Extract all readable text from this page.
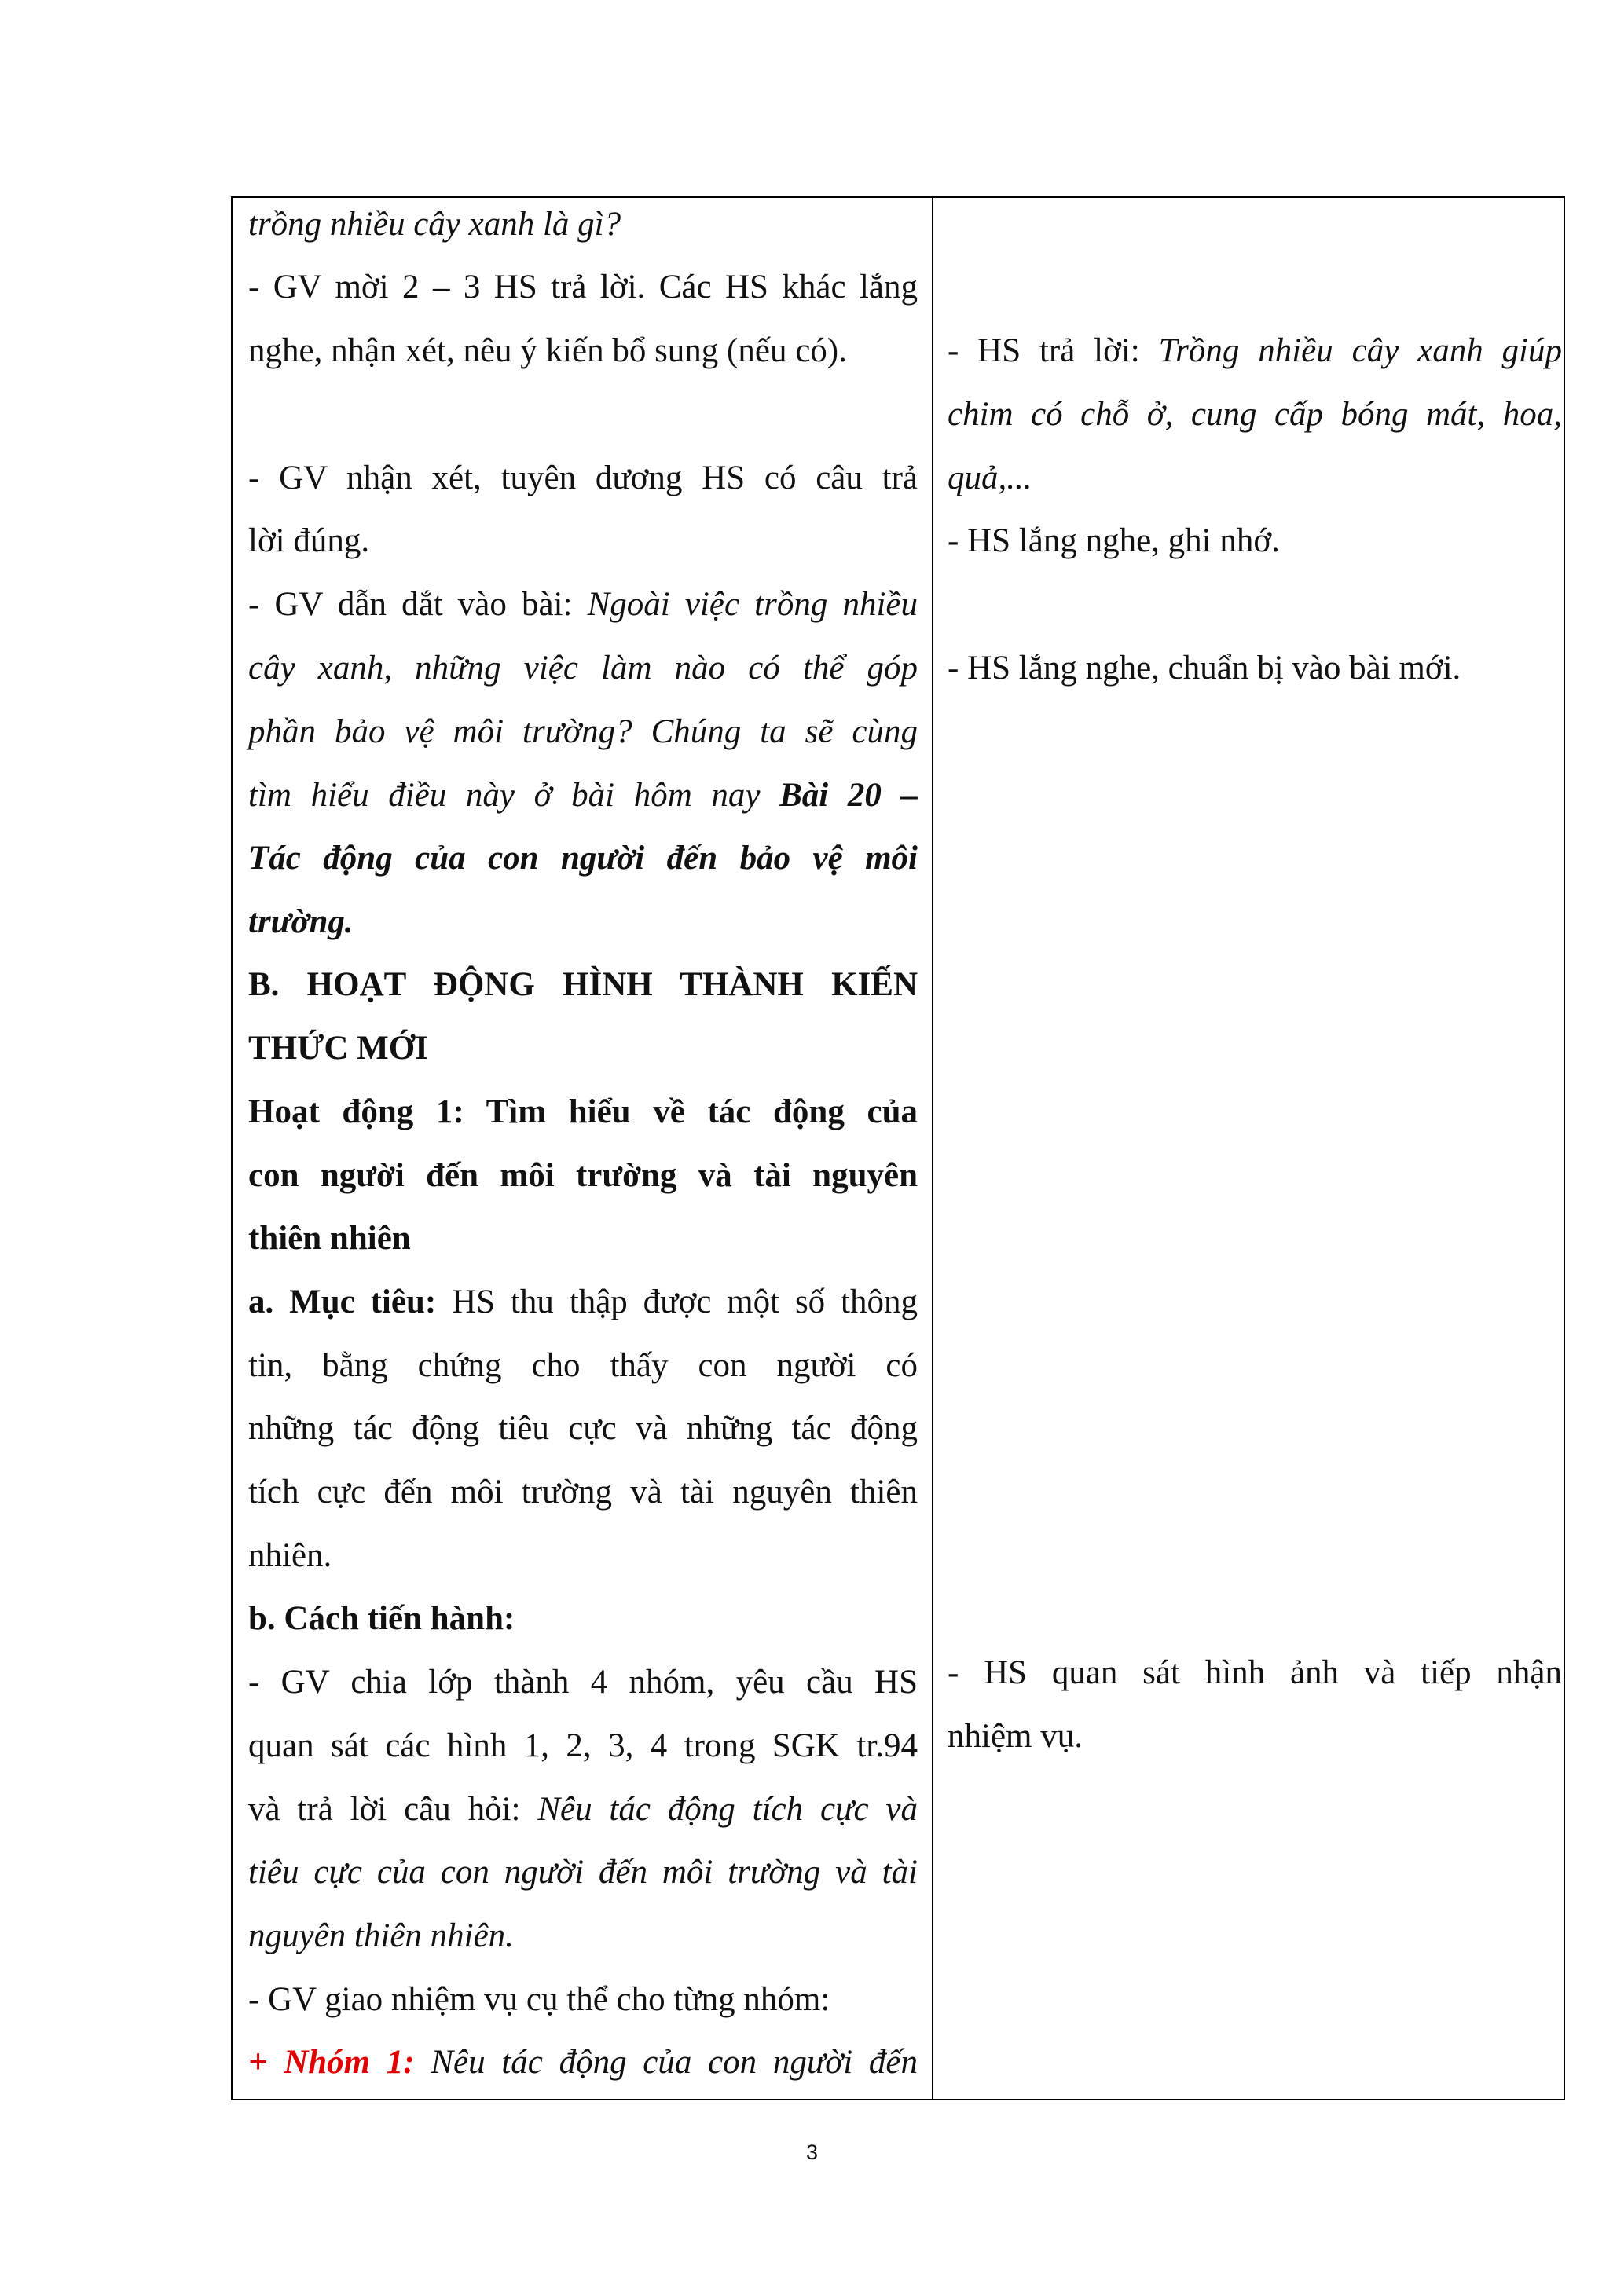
trồng nhiều cây xanh là gì?
- GV mời 2 – 3 HS trả lời. Các HS khác lắng
nghe, nhận xét, nêu ý kiến bổ sung (nếu có).
- GV nhận xét, tuyên dương HS có câu trả
lời đúng.
- GV dẫn dắt vào bài: Ngoài việc trồng nhiều
cây xanh, những việc làm nào có thể góp
phần bảo vệ môi trường? Chúng ta sẽ cùng
tìm hiểu điều này ở bài hôm nay Bài 20 –
Tác động của con người đến bảo vệ môi
trường.
B. HOẠT ĐỘNG HÌNH THÀNH KIẾN
THỨC MỚI
Hoạt động 1: Tìm hiểu về tác động của
con người đến môi trường và tài nguyên
thiên nhiên
a. Mục tiêu: HS thu thập được một số thông
tin, bằng chứng cho thấy con người có
những tác động tiêu cực và những tác động
tích cực đến môi trường và tài nguyên thiên
nhiên.
b. Cách tiến hành:
- GV chia lớp thành 4 nhóm, yêu cầu HS
quan sát các hình 1, 2, 3, 4 trong SGK tr.94
và trả lời câu hỏi: Nêu tác động tích cực và
tiêu cực của con người đến môi trường và tài
nguyên thiên nhiên.
- GV giao nhiệm vụ cụ thể cho từng nhóm:
+ Nhóm 1: Nêu tác động của con người đến
- HS trả lời: Trồng nhiều cây xanh giúp
chim có chỗ ở, cung cấp bóng mát, hoa,
quả,...
- HS lắng nghe, ghi nhớ.
- HS lắng nghe, chuẩn bị vào bài mới.
- HS quan sát hình ảnh và tiếp nhận
nhiệm vụ.
3
